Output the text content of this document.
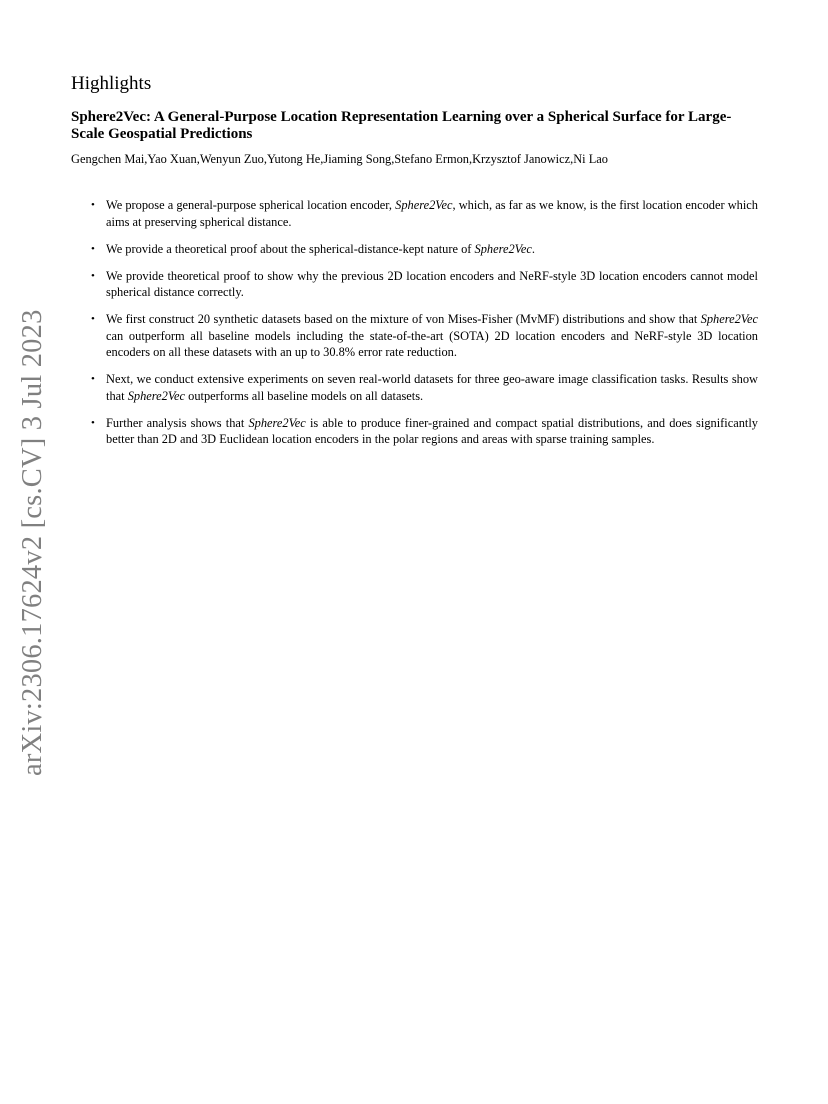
arXiv:2306.17624v2 [cs.CV] 3 Jul 2023
Highlights
Sphere2Vec: A General-Purpose Location Representation Learning over a Spherical Surface for Large-Scale Geospatial Predictions

Gengchen Mai,Yao Xuan,Wenyun Zuo,Yutong He,Jiaming Song,Stefano Ermon,Krzysztof Janowicz,Ni Lao

• We propose a general-purpose spherical location encoder, Sphere2Vec, which, as far as we know, is the first location encoder which aims at preserving spherical distance.
• We provide a theoretical proof about the spherical-distance-kept nature of Sphere2Vec.
• We provide theoretical proof to show why the previous 2D location encoders and NeRF-style 3D location encoders cannot model spherical distance correctly.
• We first construct 20 synthetic datasets based on the mixture of von Mises-Fisher (MvMF) distributions and show that Sphere2Vec can outperform all baseline models including the state-of-the-art (SOTA) 2D location encoders and NeRF-style 3D location encoders on all these datasets with an up to 30.8% error rate reduction.
• Next, we conduct extensive experiments on seven real-world datasets for three geo-aware image classification tasks. Results show that Sphere2Vec outperforms all baseline models on all datasets.
• Further analysis shows that Sphere2Vec is able to produce finer-grained and compact spatial distributions, and does significantly better than 2D and 3D Euclidean location encoders in the polar regions and areas with sparse training samples.
